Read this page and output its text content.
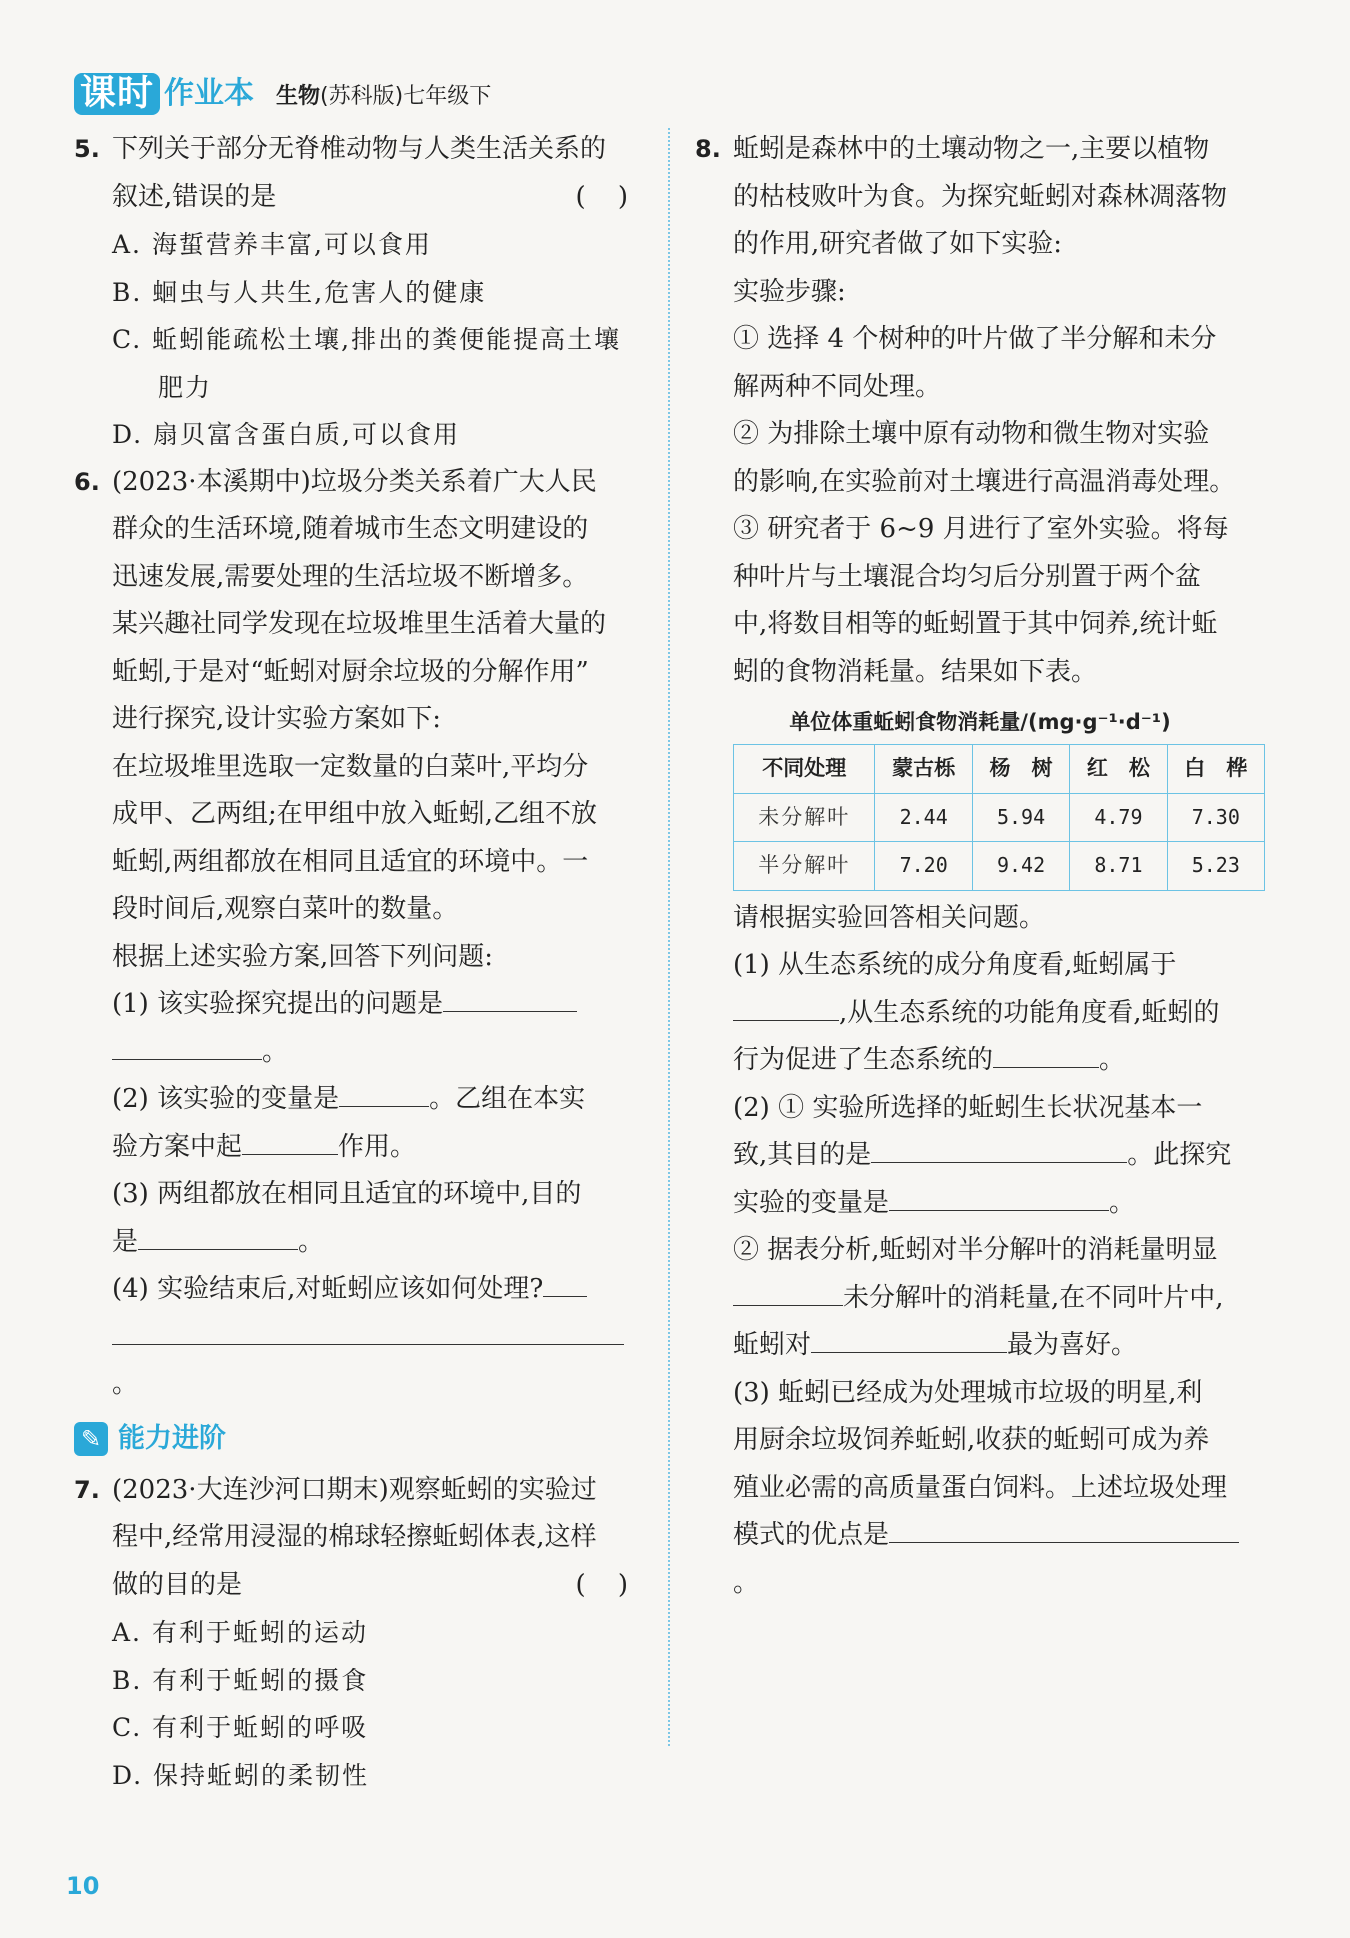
课时 作业本 生物(苏科版)七年级下
5. 下列关于部分无脊椎动物与人类生活关系的

叙述,错误的是	( )
A. 海蜇营养丰富,可以食用
B. 蛔虫与人共生,危害人的健康
C. 蚯蚓能疏松土壤,排出的粪便能提高土壤
肥力
D. 扇贝富含蛋白质,可以食用
6. (2023·本溪期中)垃圾分类关系着广大人民

群众的生活环境,随着城市生态文明建设的

迅速发展,需要处理的生活垃圾不断增多。

某兴趣社同学发现在垃圾堆里生活着大量的

蚯蚓,于是对“蚯蚓对厨余垃圾的分解作用”

进行探究,设计实验方案如下:

在垃圾堆里选取一定数量的白菜叶,平均分

成甲、乙两组;在甲组中放入蚯蚓,乙组不放

蚯蚓,两组都放在相同且适宜的环境中。一

段时间后,观察白菜叶的数量。

根据上述实验方案,回答下列问题:

(1) 该实验探究提出的问题是

。

(2) 该实验的变量是	。乙组在本实

验方案中起	作用。

(3) 两组都放在相同且适宜的环境中,目的

是	。

(4) 实验结束后,对蚯蚓应该如何处理?

。

✎ 能力进阶
7. (2023·大连沙河口期末)观察蚯蚓的实验过

程中,经常用浸湿的棉球轻擦蚯蚓体表,这样

做的目的是	( )
A. 有利于蚯蚓的运动
B. 有利于蚯蚓的摄食
C. 有利于蚯蚓的呼吸
D. 保持蚯蚓的柔韧性
8. 蚯蚓是森林中的土壤动物之一,主要以植物

的枯枝败叶为食。为探究蚯蚓对森林凋落物

的作用,研究者做了如下实验:

实验步骤:

① 选择 4 个树种的叶片做了半分解和未分

解两种不同处理。

② 为排除土壤中原有动物和微生物对实验

的影响,在实验前对土壤进行高温消毒处理。

③ 研究者于 6~9 月进行了室外实验。将每

种叶片与土壤混合均匀后分别置于两个盆

中,将数目相等的蚯蚓置于其中饲养,统计蚯

蚓的食物消耗量。结果如下表。

单位体重蚯蚓食物消耗量/(mg·g⁻¹·d⁻¹)
不同处理	蒙古栎	杨　树	红　松	白　桦
未分解叶	2.44	5.94	4.79	7.30
半分解叶	7.20	9.42	8.71	5.23

请根据实验回答相关问题。

(1) 从生态系统的成分角度看,蚯蚓属于

,从生态系统的功能角度看,蚯蚓的

行为促进了生态系统的	。

(2) ① 实验所选择的蚯蚓生长状况基本一

致,其目的是	。此探究

实验的变量是	。

② 据表分析,蚯蚓对半分解叶的消耗量明显

未分解叶的消耗量,在不同叶片中,

蚯蚓对	最为喜好。

(3) 蚯蚓已经成为处理城市垃圾的明星,利

用厨余垃圾饲养蚯蚓,收获的蚯蚓可成为养

殖业必需的高质量蛋白饲料。上述垃圾处理

模式的优点是。

10
